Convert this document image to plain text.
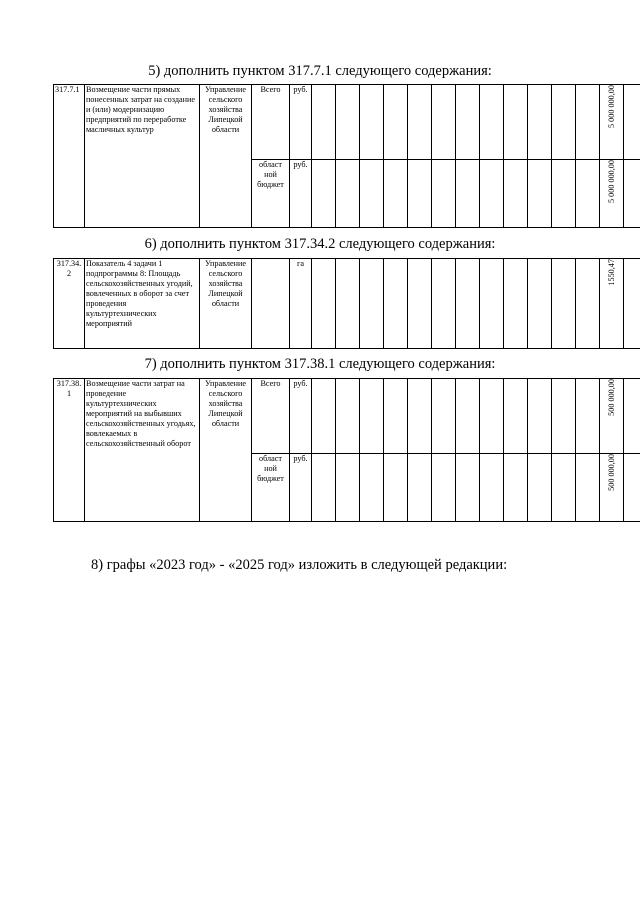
5) дополнить пунктом 317.7.1 следующего содержания:
317.7.1	Возмещение части прямых понесенных затрат на создание и (или) модернизацию предприятий по переработке масличных культур	Управление сельского хозяйства Липецкой области	Всего	руб.													5 000 000,00	

			област ной бюджет	руб.													5 000 000,00	

6) дополнить пунктом 317.34.2 следующего содержания:
317.34. 2	Показатель 4 задачи 1 подпрограммы 8: Площадь сельскохозяйственных угодий, вовлеченных в оборот за счет проведения культуртехнических мероприятий	Управление сельского хозяйства Липецкой области		га													1550,47

7) дополнить пунктом 317.38.1 следующего содержания:
317.38. 1	Возмещение части затрат на проведение культуртехнических мероприятий на выбывших сельскохозяйственных угодьях, вовлекаемых в сельскохозяйственный оборот	Управление сельского хозяйства Липецкой области	Всего	руб.													500 000,00	

			област ной бюджет	руб.													500 000,00	

8) графы «2023 год» - «2025 год» изложить в следующей редакции:
